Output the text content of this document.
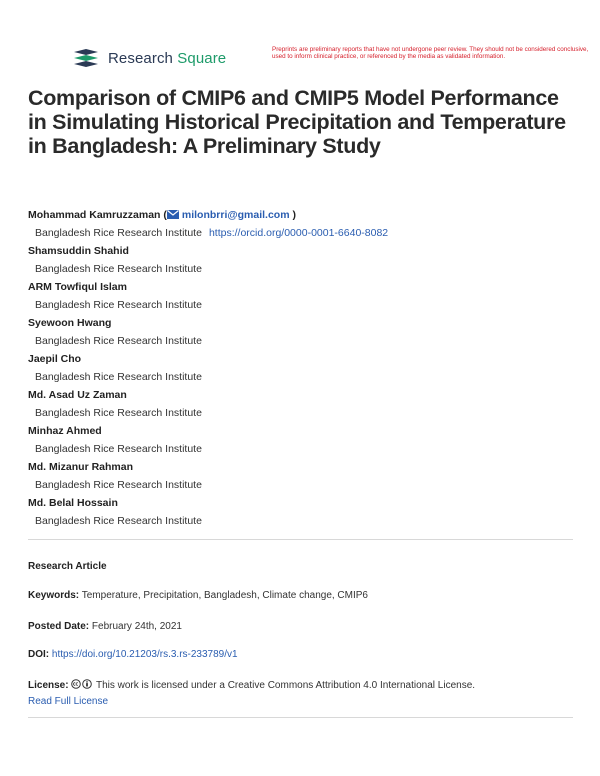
Research Square	Preprints are preliminary reports that have not undergone peer review. They should not be considered conclusive, used to inform clinical practice, or referenced by the media as validated information.
Comparison of CMIP6 and CMIP5 Model Performance in Simulating Historical Precipitation and Temperature in Bangladesh: A Preliminary Study
Mohammad Kamruzzaman ( milonbrri@gmail.com )
Bangladesh Rice Research Institute https://orcid.org/0000-0001-6640-8082
Shamsuddin Shahid
Bangladesh Rice Research Institute
ARM Towfiqul Islam
Bangladesh Rice Research Institute
Syewoon Hwang
Bangladesh Rice Research Institute
Jaepil Cho
Bangladesh Rice Research Institute
Md. Asad Uz Zaman
Bangladesh Rice Research Institute
Minhaz Ahmed
Bangladesh Rice Research Institute
Md. Mizanur Rahman
Bangladesh Rice Research Institute
Md. Belal Hossain
Bangladesh Rice Research Institute
Research Article
Keywords: Temperature, Precipitation, Bangladesh, Climate change, CMIP6
Posted Date: February 24th, 2021
DOI: https://doi.org/10.21203/rs.3.rs-233789/v1
License:	This work is licensed under a Creative Commons Attribution 4.0 International License.
Read Full License
